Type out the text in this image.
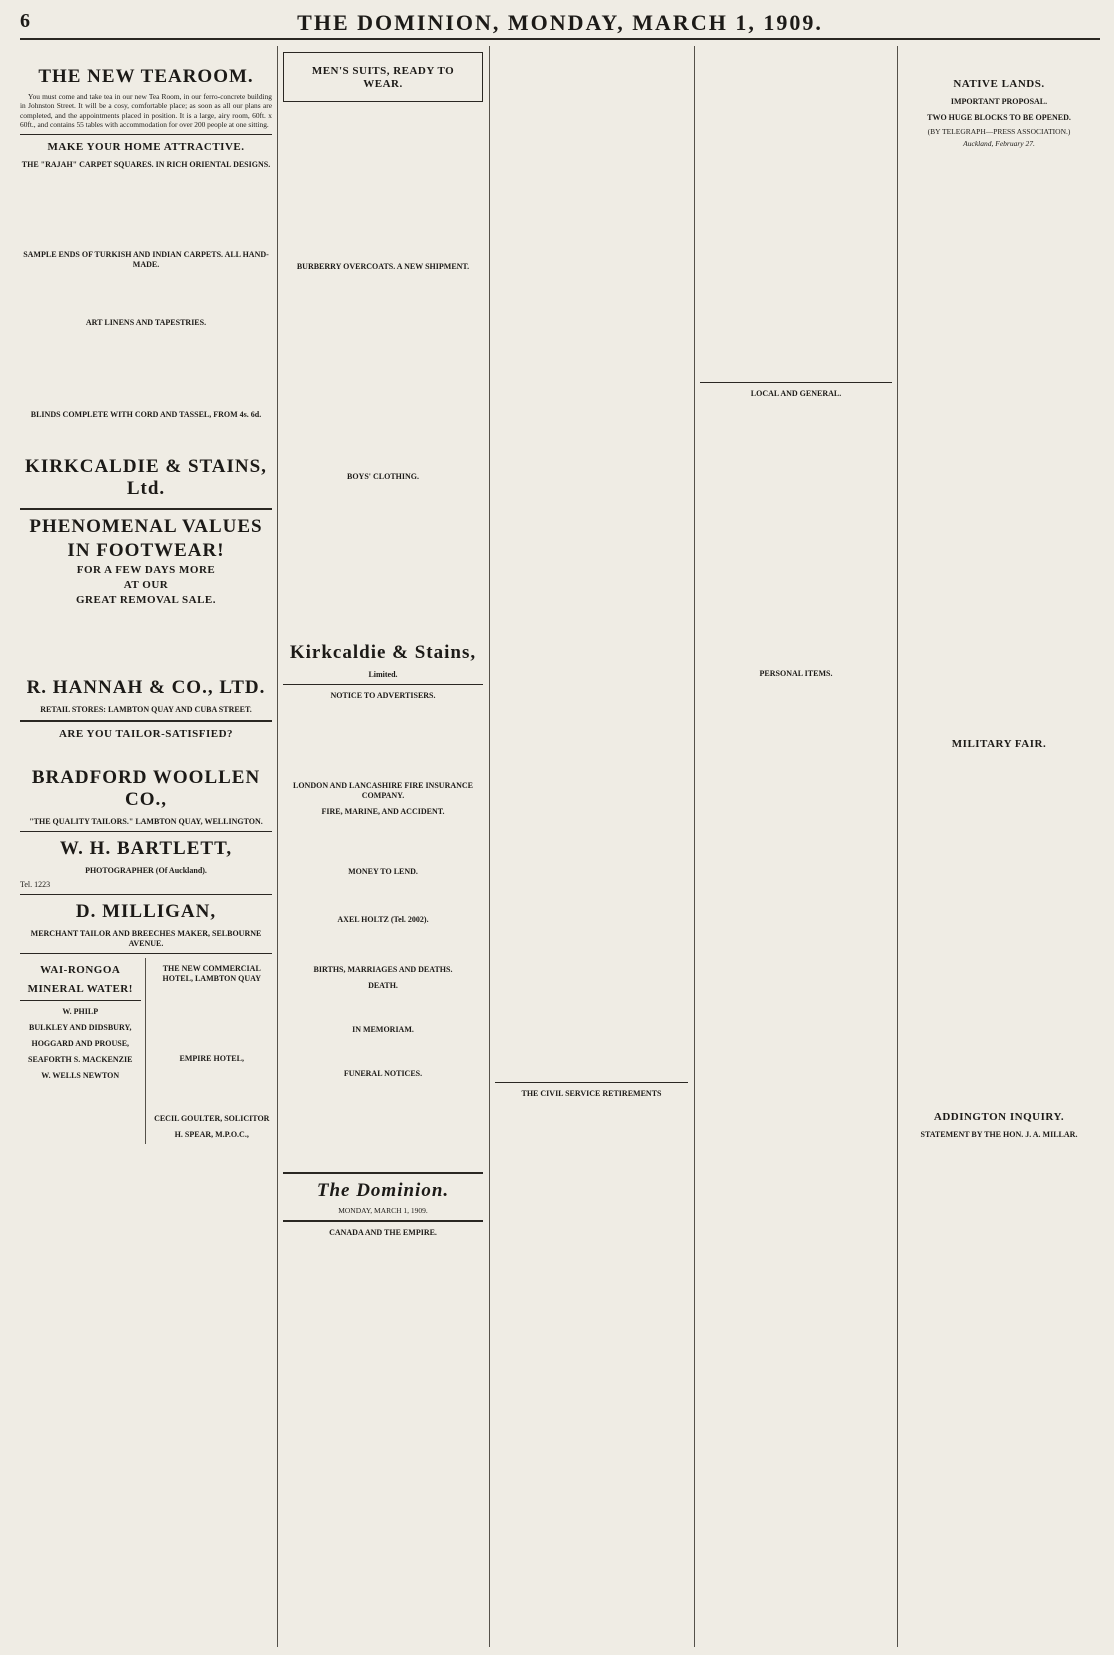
6	THE DOMINION, MONDAY, MARCH 1, 1909.
THE NEW TEAROOM.

You must come and take tea in our new Tea Room, in our ferro-concrete building in Johnston Street. It will be a cosy, comfortable place; as soon as all our plans are completed, and the appointments placed in position. It is a large, airy room, 60ft. x 60ft., and contains 55 tables with accommodation for over 200 people at one sitting.

MAKE YOUR HOME ATTRACTIVE.
THE "RAJAH" CARPET SQUARES. IN RICH ORIENTAL DESIGNS.
SAMPLE ENDS OF TURKISH AND INDIAN CARPETS. ALL HAND-MADE.
ART LINENS AND TAPESTRIES.
BLINDS COMPLETE WITH CORD AND TASSEL, FROM 4s. 6d.
KIRKCALDIE & STAINS, Ltd.
PHENOMENAL VALUES
IN FOOTWEAR!
FOR A FEW DAYS MORE
AT OUR
GREAT REMOVAL SALE.
R. HANNAH & CO., LTD.
RETAIL STORES: LAMBTON QUAY AND CUBA STREET.
ARE YOU TAILOR-SATISFIED?
BRADFORD WOOLLEN CO.,
"THE QUALITY TAILORS." LAMBTON QUAY, WELLINGTON.
W. H. BARTLETT,
PHOTOGRAPHER (Of Auckland).
Tel. 1223
D. MILLIGAN,
MERCHANT TAILOR AND BREECHES MAKER, SELBOURNE AVENUE.
WAI-RONGOA
MINERAL WATER!
W. PHILP
BULKLEY AND DIDSBURY,
HOGGARD AND PROUSE,
SEAFORTH S. MACKENZIE
W. WELLS NEWTON
THE NEW COMMERCIAL HOTEL, LAMBTON QUAY
EMPIRE HOTEL,
CECIL GOULTER, SOLICITOR
H. SPEAR, M.P.O.C.,
MEN'S SUITS, READY TO WEAR.
BURBERRY OVERCOATS. A NEW SHIPMENT.
BOYS' CLOTHING.
Kirkcaldie & Stains,
Limited.
NOTICE TO ADVERTISERS.
LONDON AND LANCASHIRE FIRE INSURANCE COMPANY.
FIRE, MARINE, AND ACCIDENT.
MONEY TO LEND.
AXEL HOLTZ (Tel. 2002).
BIRTHS, MARRIAGES AND DEATHS.
DEATH.
IN MEMORIAM.
FUNERAL NOTICES.
The Dominion.
MONDAY, MARCH 1, 1909.
CANADA AND THE EMPIRE.
THE CIVIL SERVICE RETIREMENTS
LOCAL AND GENERAL.
PERSONAL ITEMS.
NATIVE LANDS.
IMPORTANT PROPOSAL.
TWO HUGE BLOCKS TO BE OPENED.
(BY TELEGRAPH—PRESS ASSOCIATION.)
Auckland, February 27.
MILITARY FAIR.
ADDINGTON INQUIRY.
STATEMENT BY THE HON. J. A. MILLAR.
